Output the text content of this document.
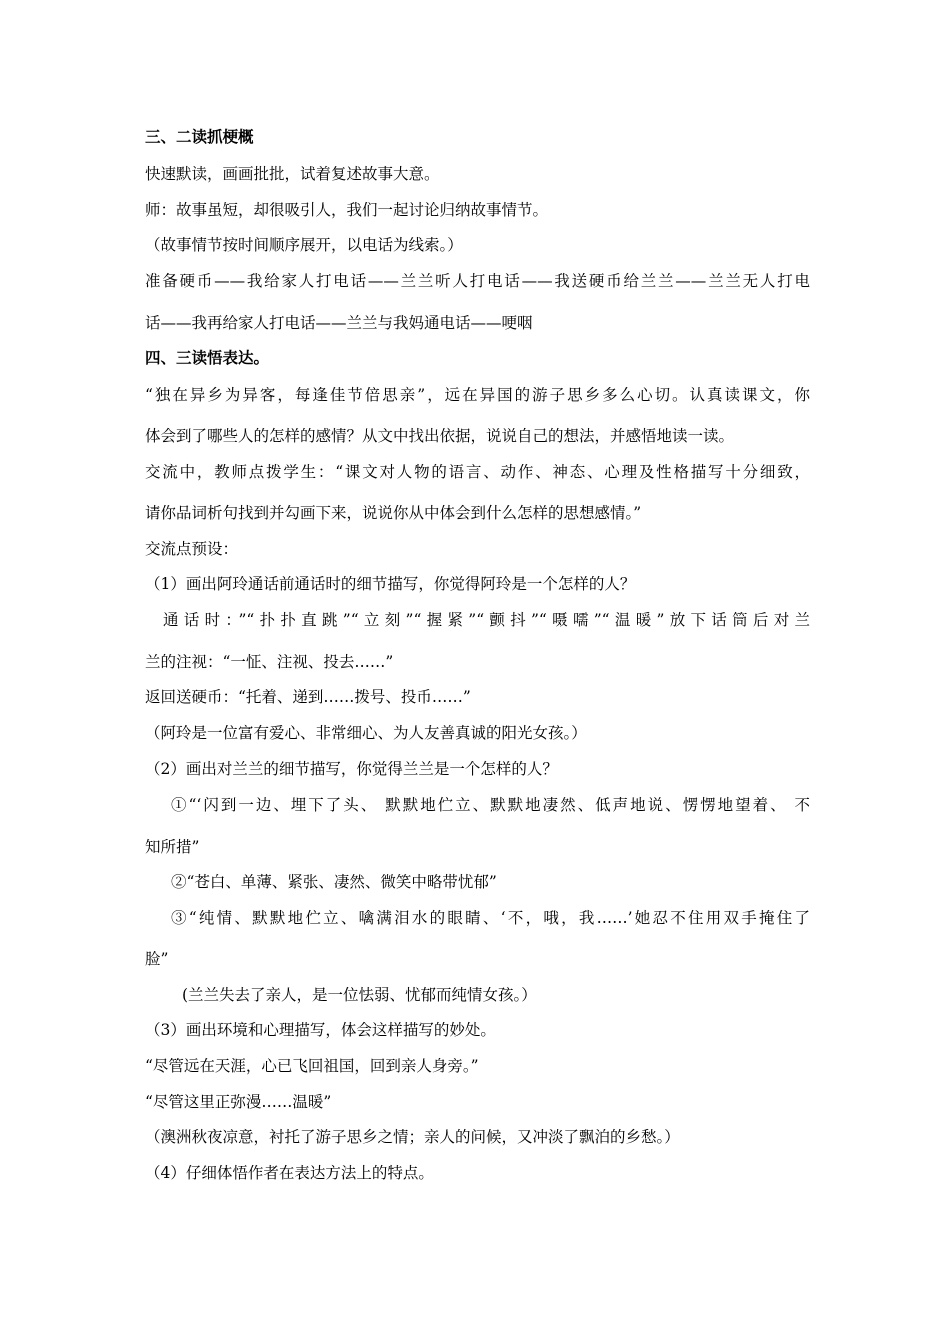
三、二读抓梗概

快速默读，画画批批，试着复述故事大意。

师：故事虽短，却很吸引人，我们一起讨论归纳故事情节。

（故事情节按时间顺序展开，以电话为线索。）

准备硬币——我给家人打电话——兰兰听人打电话——我送硬币给兰兰——兰兰无人打电

话——我再给家人打电话——兰兰与我妈通电话——哽咽

四、三读悟表达。

“独在异乡为异客，每逢佳节倍思亲”，远在异国的游子思乡多么心切。认真读课文，你

体会到了哪些人的怎样的感情？从文中找出依据，说说自己的想法，并感悟地读一读。

交流中，教师点拨学生：“课文对人物的语言、动作、神态、心理及性格描写十分细致，

请你品词析句找到并勾画下来，说说你从中体会到什么怎样的思想感情。”

交流点预设：

（1）画出阿玲通话前通话时的细节描写，你觉得阿玲是一个怎样的人？

通话时：”“扑扑直跳”“立刻”“握紧”“颤抖”“嗫嚅”“温暖”放下话筒后对兰

兰的注视：“一怔、注视、投去……”

返回送硬币：“托着、递到……拨号、投币……”

（阿玲是一位富有爱心、非常细心、为人友善真诚的阳光女孩。）

（2）画出对兰兰的细节描写，你觉得兰兰是一个怎样的人？

①“‘闪到一边、埋下了头、 默默地伫立、默默地凄然、低声地说、愣愣地望着、 不

知所措”

②“苍白、单薄、紧张、凄然、微笑中略带忧郁”

③“纯情、默默地伫立、噙满泪水的眼睛、‘不，哦，我……’她忍不住用双手掩住了

脸”

(兰兰失去了亲人，是一位怯弱、忧郁而纯情女孩。）

（3）画出环境和心理描写，体会这样描写的妙处。

“尽管远在天涯，心已飞回祖国，回到亲人身旁。”

“尽管这里正弥漫……温暖”

（澳洲秋夜凉意，衬托了游子思乡之情；亲人的问候，又冲淡了飘泊的乡愁。）

（4）仔细体悟作者在表达方法上的特点。
